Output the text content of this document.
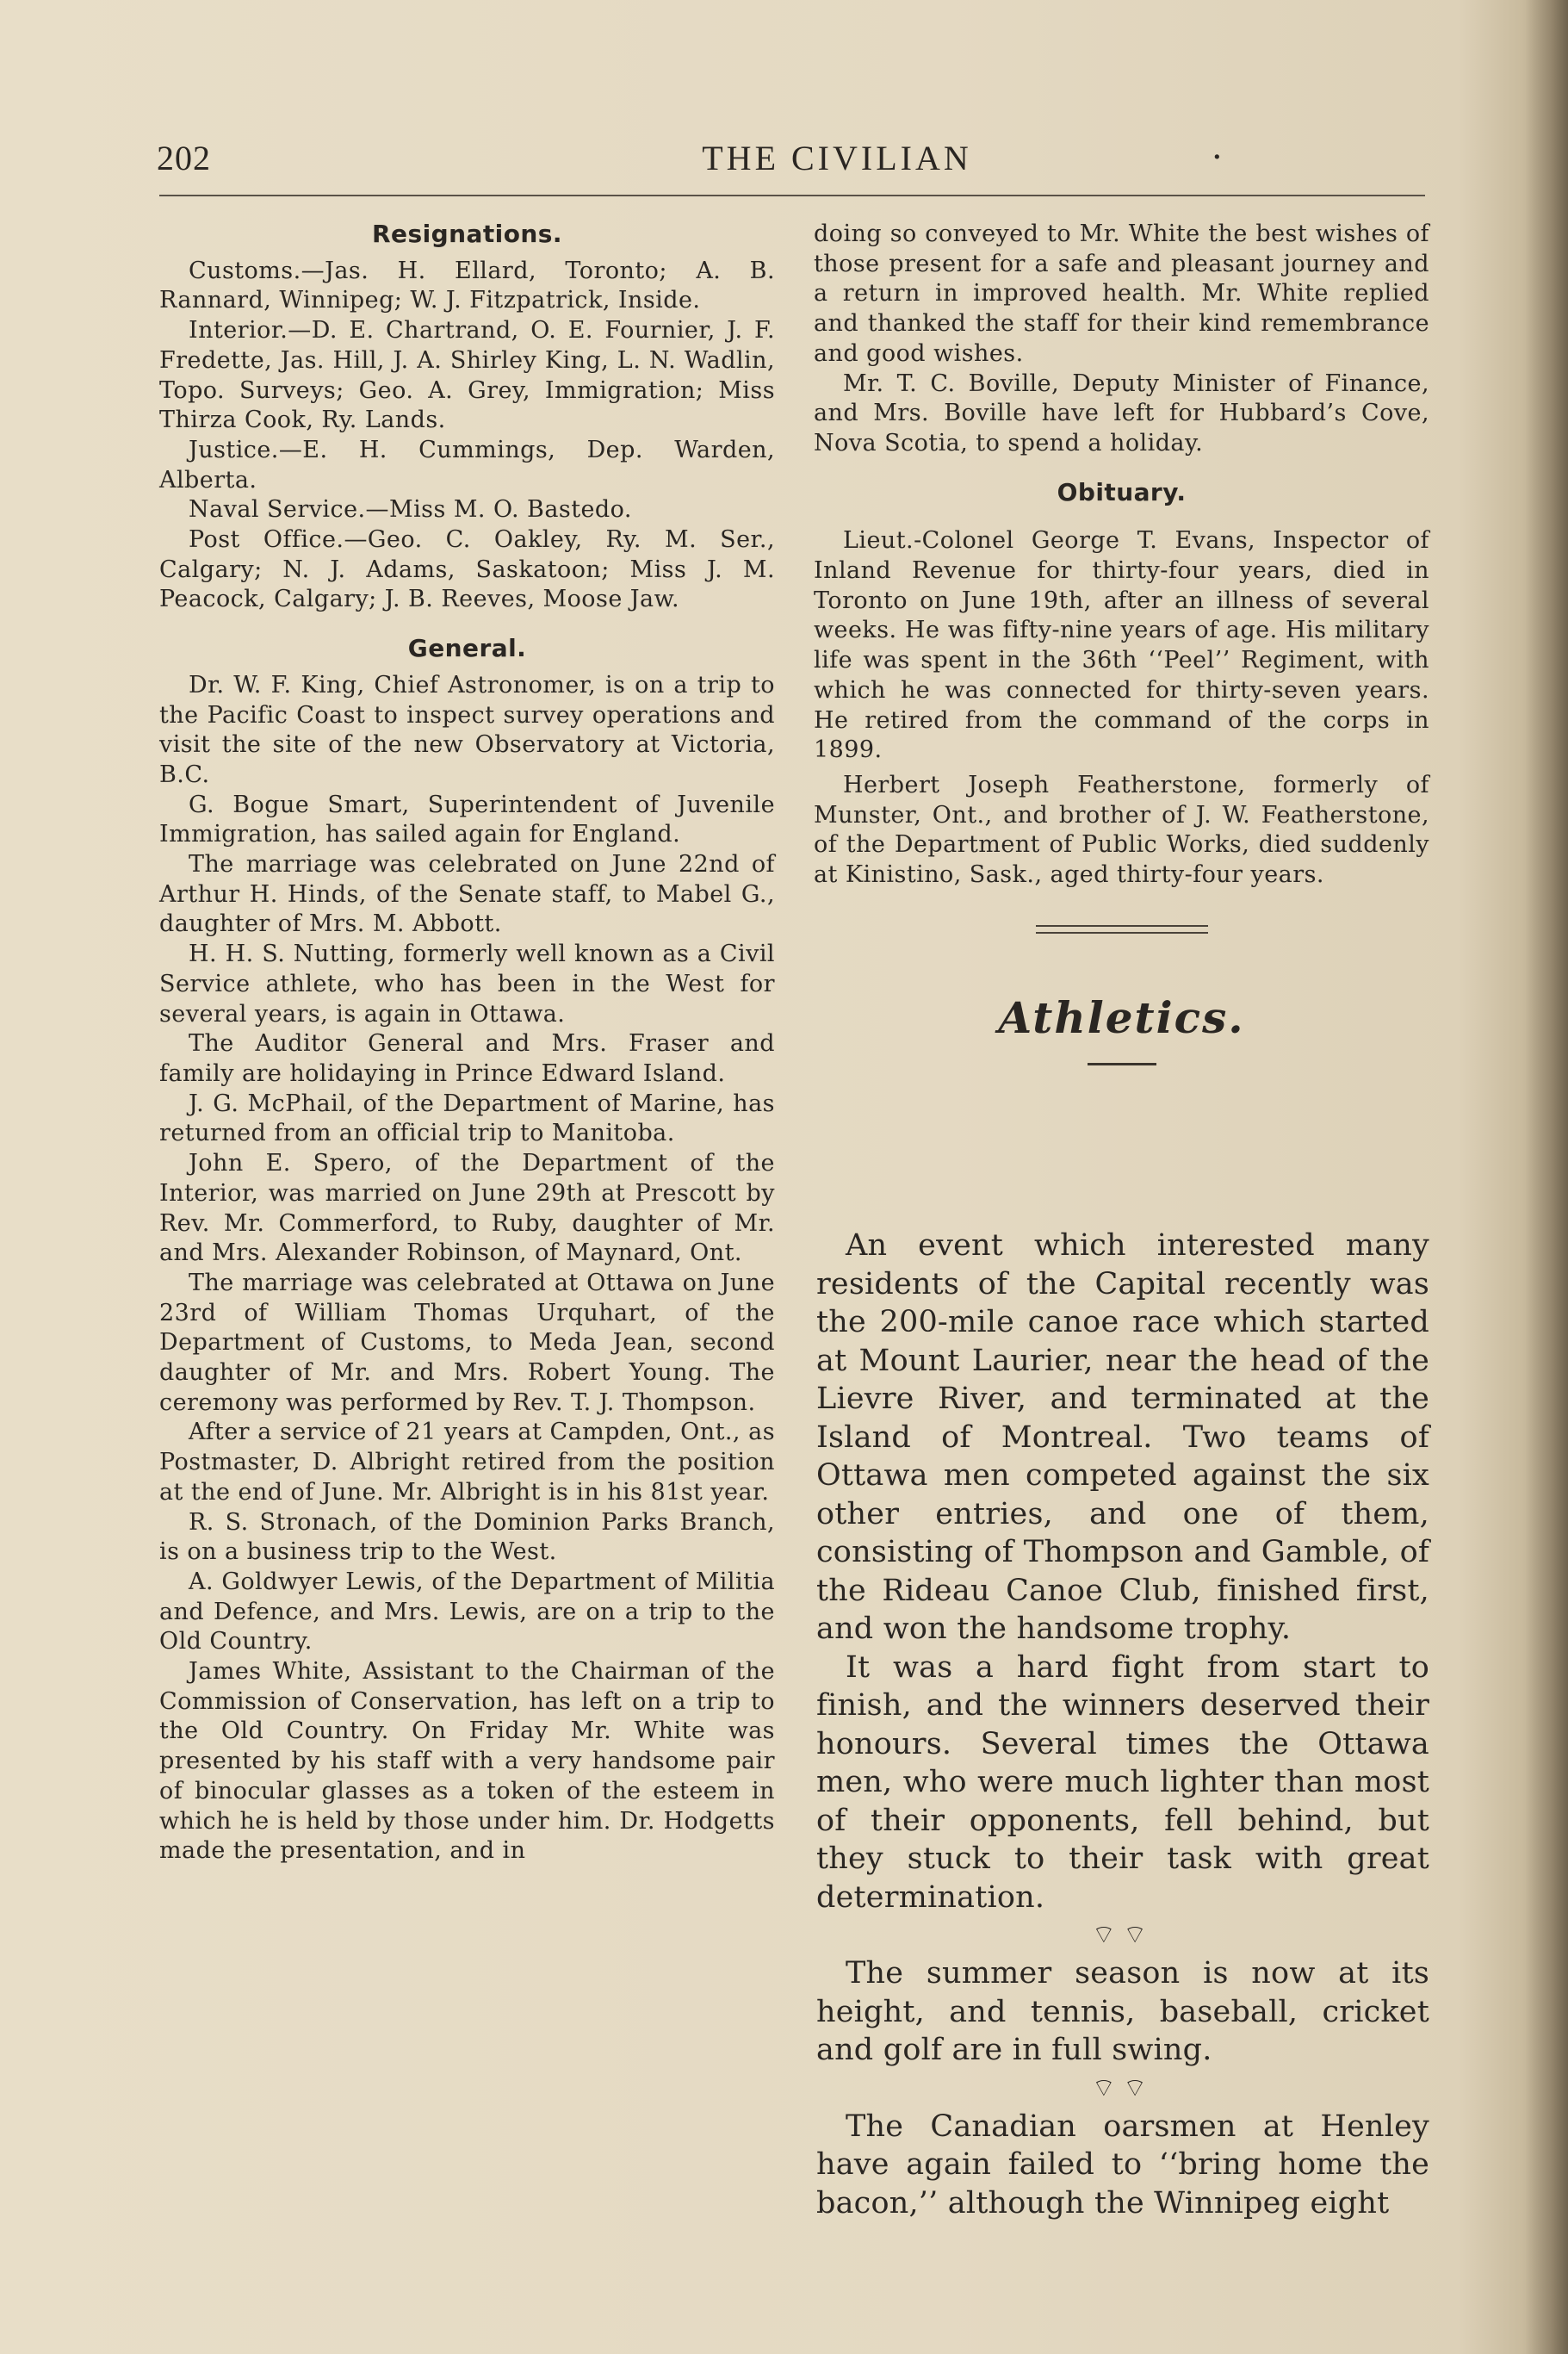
202	THE CIVILIAN	·
Resignations.

Customs.—Jas. H. Ellard, Toronto; A. B. Rannard, Winnipeg; W. J. Fitzpatrick, Inside.

Interior.—D. E. Chartrand, O. E. Fournier, J. F. Fredette, Jas. Hill, J. A. Shirley King, L. N. Wadlin, Topo. Surveys; Geo. A. Grey, Immigration; Miss Thirza Cook, Ry. Lands.

Justice.—E. H. Cummings, Dep. Warden, Alberta.

Naval Service.—Miss M. O. Bastedo.

Post Office.—Geo. C. Oakley, Ry. M. Ser., Calgary; N. J. Adams, Saskatoon; Miss J. M. Peacock, Calgary; J. B. Reeves, Moose Jaw.

General.

Dr. W. F. King, Chief Astronomer, is on a trip to the Pacific Coast to inspect survey operations and visit the site of the new Observatory at Victoria, B.C.

G. Bogue Smart, Superintendent of Juvenile Immigration, has sailed again for England.

The marriage was celebrated on June 22nd of Arthur H. Hinds, of the Senate staff, to Mabel G., daughter of Mrs. M. Abbott.

H. H. S. Nutting, formerly well known as a Civil Service athlete, who has been in the West for several years, is again in Ottawa.

The Auditor General and Mrs. Fraser and family are holidaying in Prince Edward Island.

J. G. McPhail, of the Department of Marine, has returned from an official trip to Manitoba.

John E. Spero, of the Department of the Interior, was married on June 29th at Prescott by Rev. Mr. Commerford, to Ruby, daughter of Mr. and Mrs. Alexander Robinson, of Maynard, Ont.

The marriage was celebrated at Ottawa on June 23rd of William Thomas Urquhart, of the Department of Customs, to Meda Jean, second daughter of Mr. and Mrs. Robert Young. The ceremony was performed by Rev. T. J. Thompson.

After a service of 21 years at Campden, Ont., as Postmaster, D. Albright retired from the position at the end of June. Mr. Albright is in his 81st year.

R. S. Stronach, of the Dominion Parks Branch, is on a business trip to the West.

A. Goldwyer Lewis, of the Department of Militia and Defence, and Mrs. Lewis, are on a trip to the Old Country.

James White, Assistant to the Chairman of the Commission of Conservation, has left on a trip to the Old Country. On Friday Mr. White was presented by his staff with a very handsome pair of binocular glasses as a token of the esteem in which he is held by those under him. Dr. Hodgetts made the presentation, and in

doing so conveyed to Mr. White the best wishes of those present for a safe and pleasant journey and a return in improved health. Mr. White replied and thanked the staff for their kind remembrance and good wishes.

Mr. T. C. Boville, Deputy Minister of Finance, and Mrs. Boville have left for Hubbard’s Cove, Nova Scotia, to spend a holiday.

Obituary.

Lieut.-Colonel George T. Evans, Inspector of Inland Revenue for thirty-four years, died in Toronto on June 19th, after an illness of several weeks. He was fifty-nine years of age. His military life was spent in the 36th ‘‘Peel’’ Regiment, with which he was connected for thirty-seven years. He retired from the command of the corps in 1899.

Herbert Joseph Featherstone, formerly of Munster, Ont., and brother of J. W. Featherstone, of the Department of Public Works, died suddenly at Kinistino, Sask., aged thirty-four years.

Athletics.

An event which interested many residents of the Capital recently was the 200-mile canoe race which started at Mount Laurier, near the head of the Lievre River, and terminated at the Island of Montreal. Two teams of Ottawa men competed against the six other entries, and one of them, consisting of Thompson and Gamble, of the Rideau Canoe Club, finished first, and won the handsome trophy.

It was a hard fight from start to finish, and the winners deserved their honours. Several times the Ottawa men, who were much lighter than most of their opponents, fell behind, but they stuck to their task with great determination.

⌔⌔

The summer season is now at its height, and tennis, baseball, cricket and golf are in full swing.

⌔⌔

The Canadian oarsmen at Henley have again failed to ‘‘bring home the bacon,’’ although the Winnipeg eight
